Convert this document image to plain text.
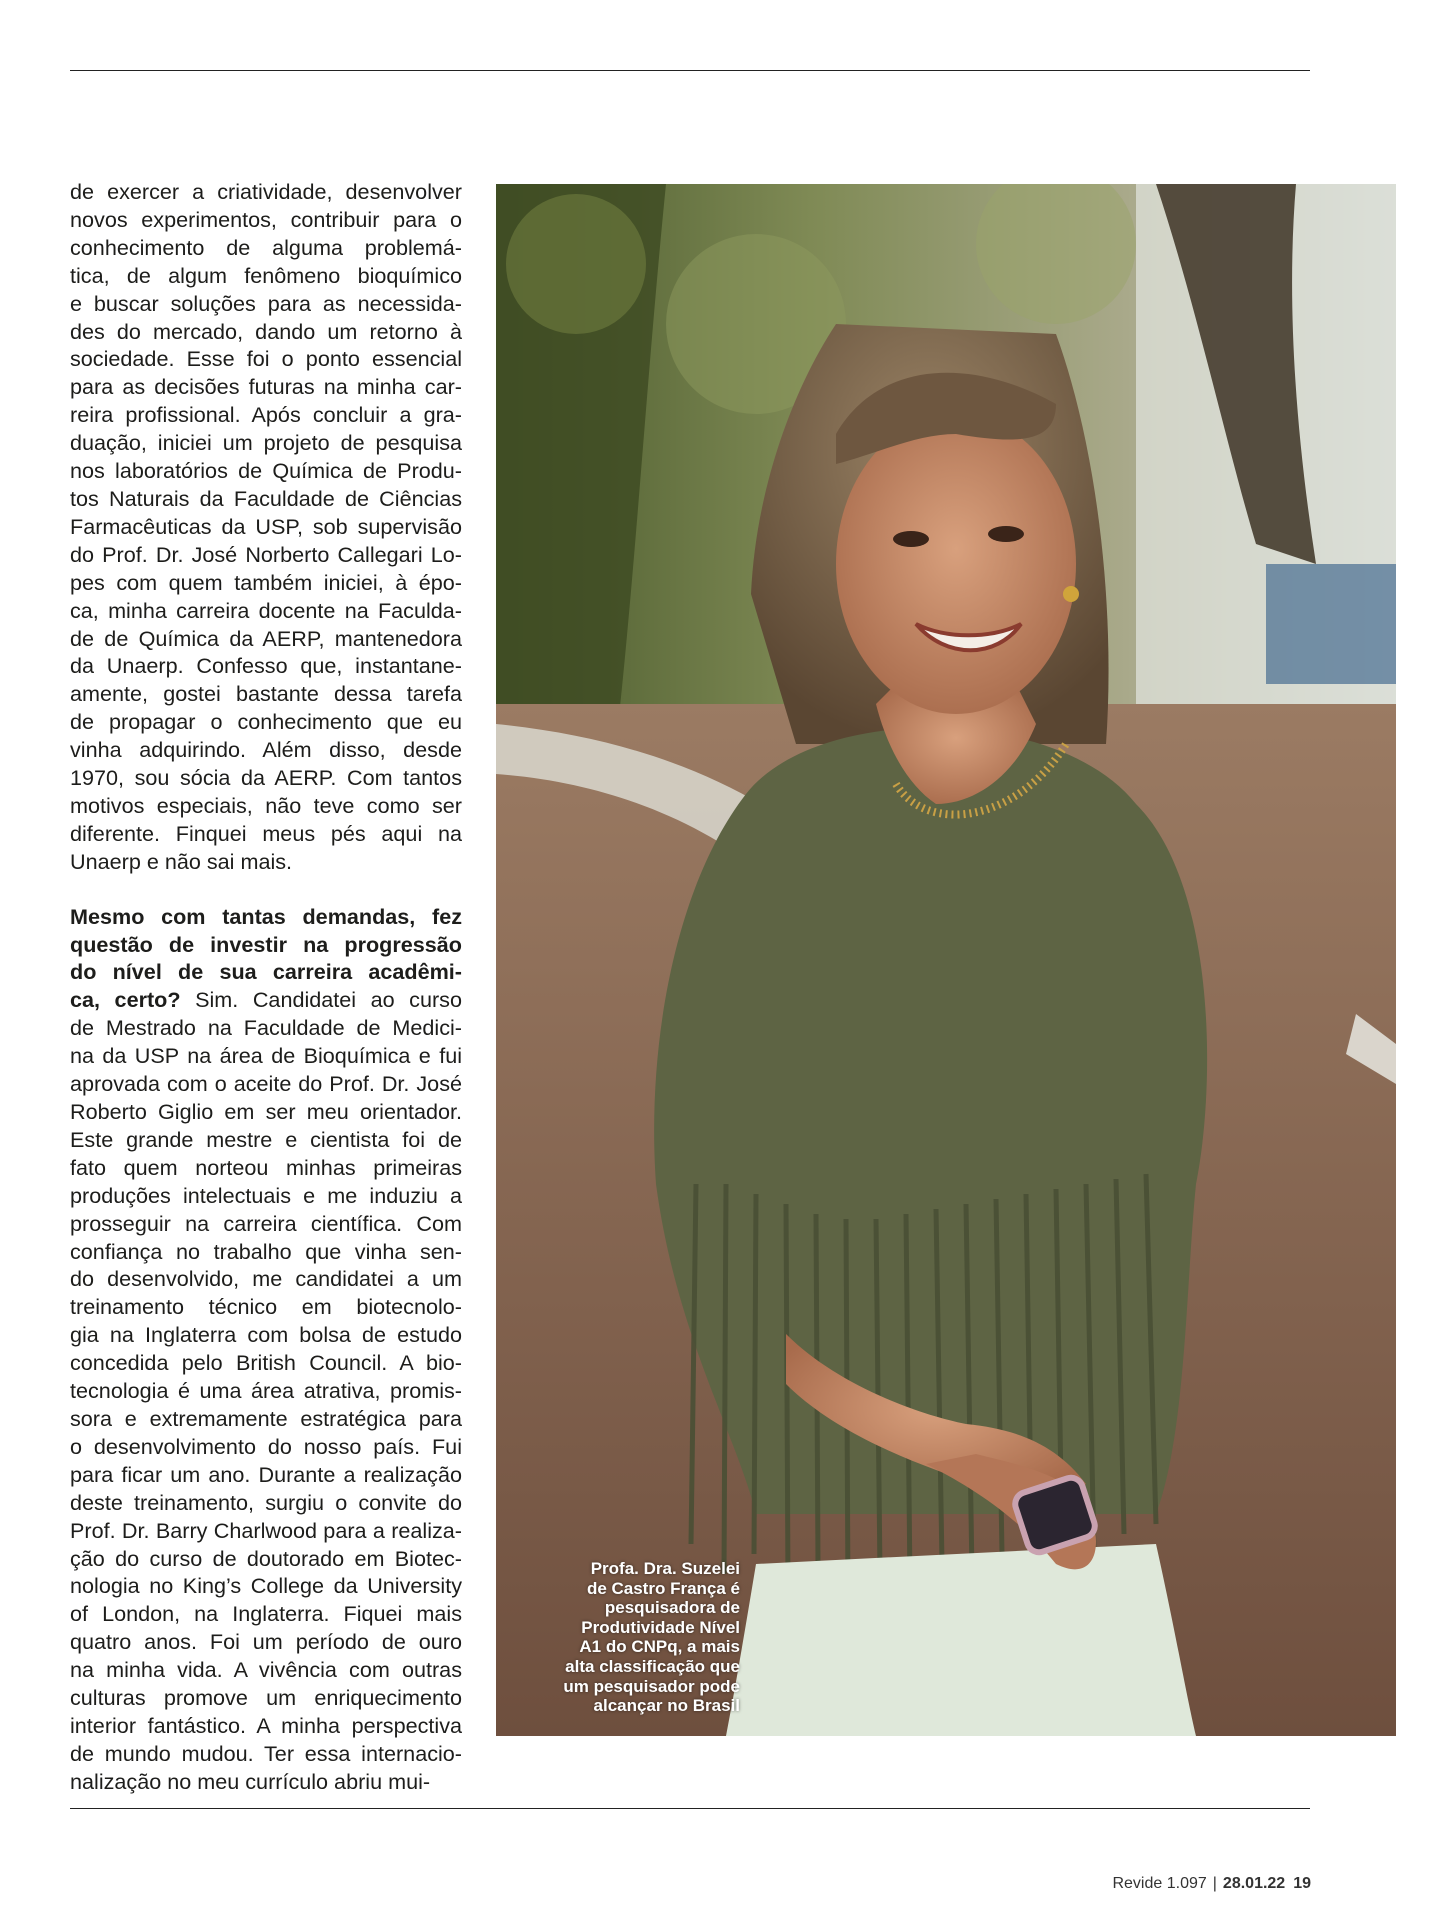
de exercer a criatividade, desenvolver

novos experimentos, contribuir para o

conhecimento de alguma problemá-

tica, de algum fenômeno bioquímico

e buscar soluções para as necessida-

des do mercado, dando um retorno à

sociedade. Esse foi o ponto essencial

para as decisões futuras na minha car-

reira profissional. Após concluir a gra-

duação, iniciei um projeto de pesquisa

nos laboratórios de Química de Produ-

tos Naturais da Faculdade de Ciências

Farmacêuticas da USP, sob supervisão

do Prof. Dr. José Norberto Callegari Lo-

pes com quem também iniciei, à épo-

ca, minha carreira docente na Faculda-

de de Química da AERP, mantenedora

da Unaerp. Confesso que, instantane-

amente, gostei bastante dessa tarefa

de propagar o conhecimento que eu

vinha adquirindo. Além disso, desde

1970, sou sócia da AERP. Com tantos

motivos especiais, não teve como ser

diferente. Finquei meus pés aqui na

Unaerp e não sai mais.

Mesmo com tantas demandas, fez

questão de investir na progressão

do nível de sua carreira acadêmi-

ca, certo? Sim. Candidatei ao curso

de Mestrado na Faculdade de Medici-

na da USP na área de Bioquímica e fui

aprovada com o aceite do Prof. Dr. José

Roberto Giglio em ser meu orientador.

Este grande mestre e cientista foi de

fato quem norteou minhas primeiras

produções intelectuais e me induziu a

prosseguir na carreira científica. Com

confiança no trabalho que vinha sen-

do desenvolvido, me candidatei a um

treinamento técnico em biotecnolo-

gia na Inglaterra com bolsa de estudo

concedida pelo British Council. A bio-

tecnologia é uma área atrativa, promis-

sora e extremamente estratégica para

o desenvolvimento do nosso país. Fui

para ficar um ano. Durante a realização

deste treinamento, surgiu o convite do

Prof. Dr. Barry Charlwood para a realiza-

ção do curso de doutorado em Biotec-

nologia no King’s College da University

of London, na Inglaterra. Fiquei mais

quatro anos. Foi um período de ouro

na minha vida. A vivência com outras

culturas promove um enriquecimento

interior fantástico. A minha perspectiva

de mundo mudou. Ter essa internacio-

nalização no meu currículo abriu mui-

Profa. Dra. Suzelei
de Castro França é
pesquisadora de
Produtividade Nível
A1 do CNPq, a mais
alta classificação que
um pesquisador pode
alcançar no Brasil
Revide 1.097 | 28.01.22 19
